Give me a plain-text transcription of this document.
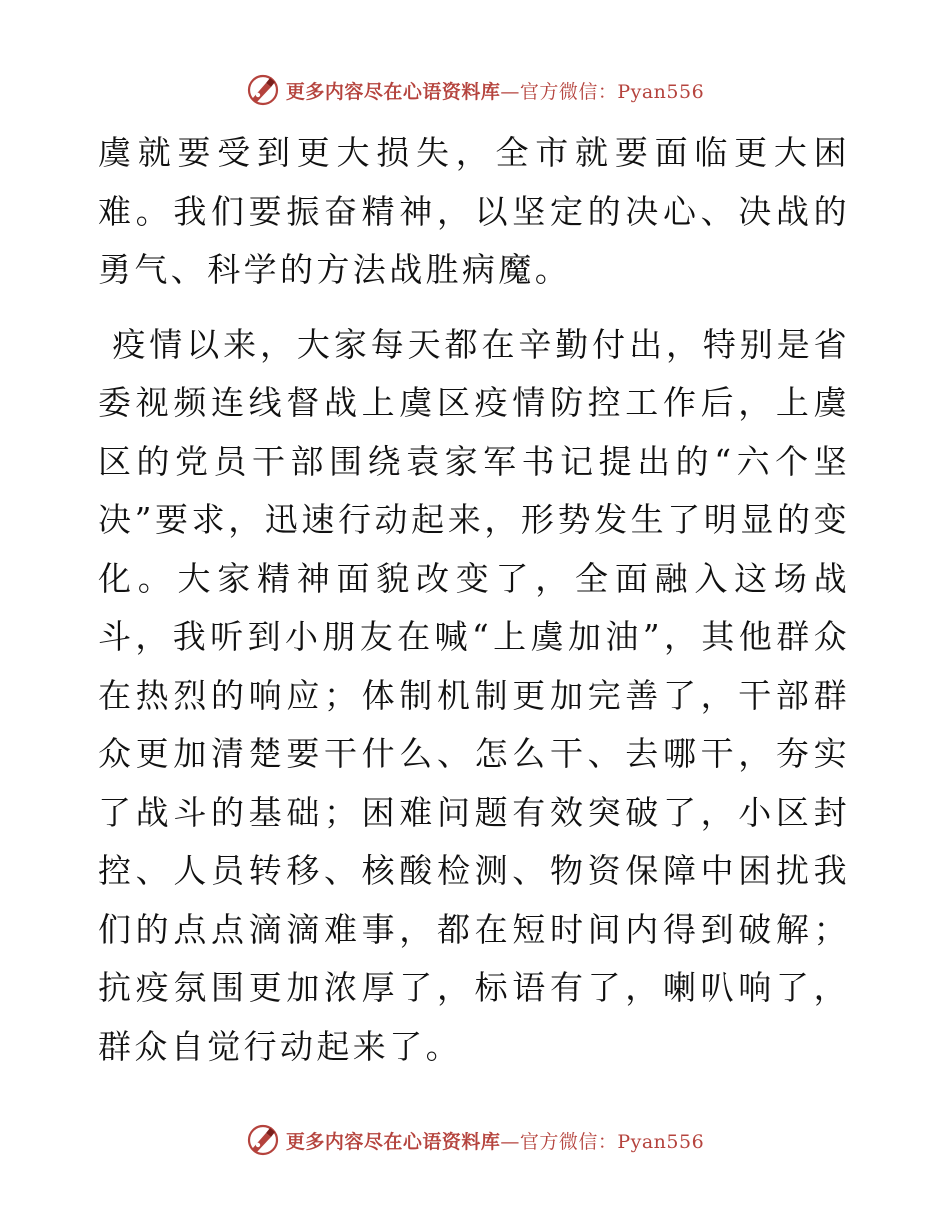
更多内容尽在心语资料库—官方微信：Pyan556

虞就要受到更大损失，全市就要面临更大困难。我们要振奋精神，以坚定的决心、决战的勇气、科学的方法战胜病魔。

疫情以来，大家每天都在辛勤付出，特别是省委视频连线督战上虞区疫情防控工作后，上虞区的党员干部围绕袁家军书记提出的“六个坚决”要求，迅速行动起来，形势发生了明显的变化。大家精神面貌改变了，全面融入这场战斗，我听到小朋友在喊“上虞加油”，其他群众在热烈的响应；体制机制更加完善了，干部群众更加清楚要干什么、怎么干、去哪干，夯实了战斗的基础；困难问题有效突破了，小区封控、人员转移、核酸检测、物资保障中困扰我们的点点滴滴难事，都在短时间内得到破解；抗疫氛围更加浓厚了，标语有了，喇叭响了，群众自觉行动起来了。

更多内容尽在心语资料库—官方微信：Pyan556
